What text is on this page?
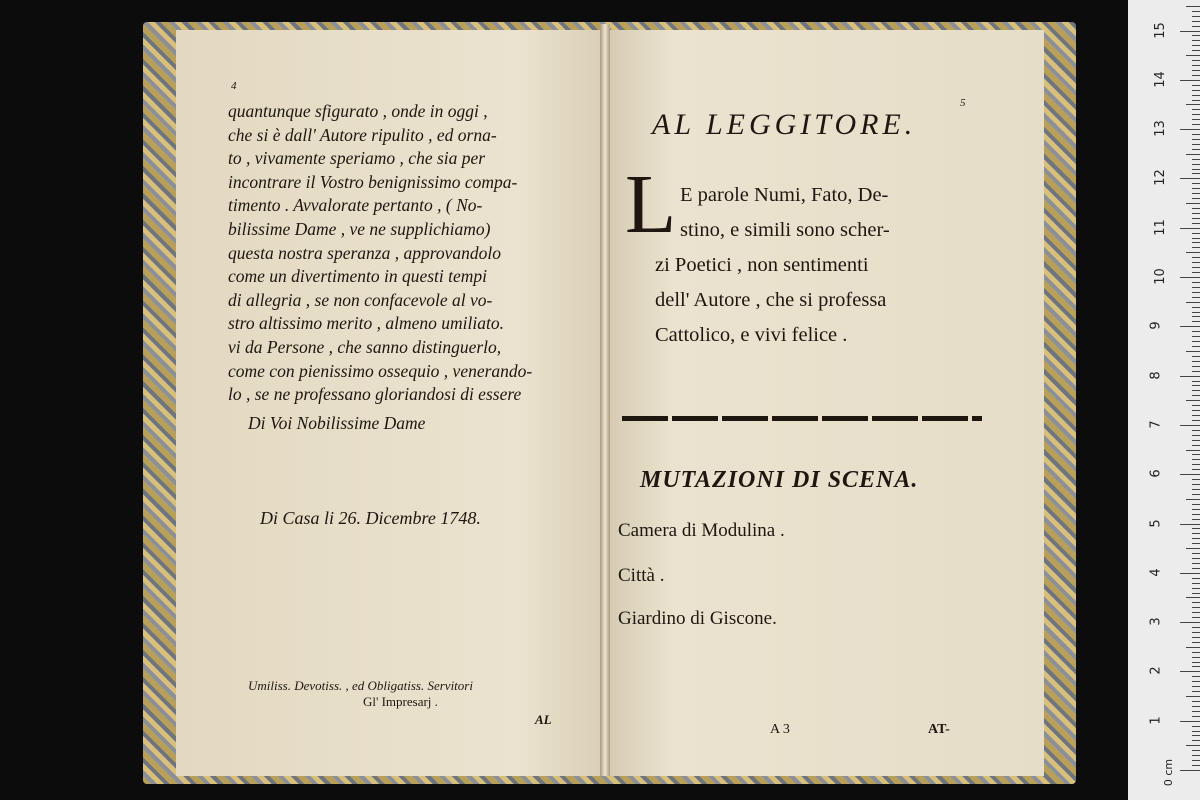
4
quantunque sfigurato , onde in oggi ,
che si è dall' Autore ripulito , ed orna-
to , vivamente speriamo , che sia per
incontrare il Vostro benignissimo compa-
timento . Avvalorate pertanto , ( No-
bilissime Dame , ve ne supplichiamo)
questa nostra speranza , approvandolo
come un divertimento in questi tempi
di allegria , se non confacevole al vo-
stro altissimo merito , almeno umiliato.
vi da Persone , che sanno distinguerlo,
come con pienissimo ossequio , venerando-
lo , se ne professano gloriandosi di essere
Di Voi Nobilissime Dame
Di Casa li 26. Dicembre 1748.
Umiliss. Devotiss. , ed Obligatiss. Servitori
Gl' Impresarj .
AL
5
AL LEGGITORE.
L E parole Numi, Fato, De-
stino, e simili sono scher-
zi Poetici , non sentimenti
dell' Autore , che si professa
Cattolico, e vivi felice .
MUTAZIONI DI SCENA.
Camera di Modulina .
Città .
Giardino di Giscone.
A 3	AT-
0 cm
1
2
3
4
5
6
7
8
9
10
11
12
13
14
15
